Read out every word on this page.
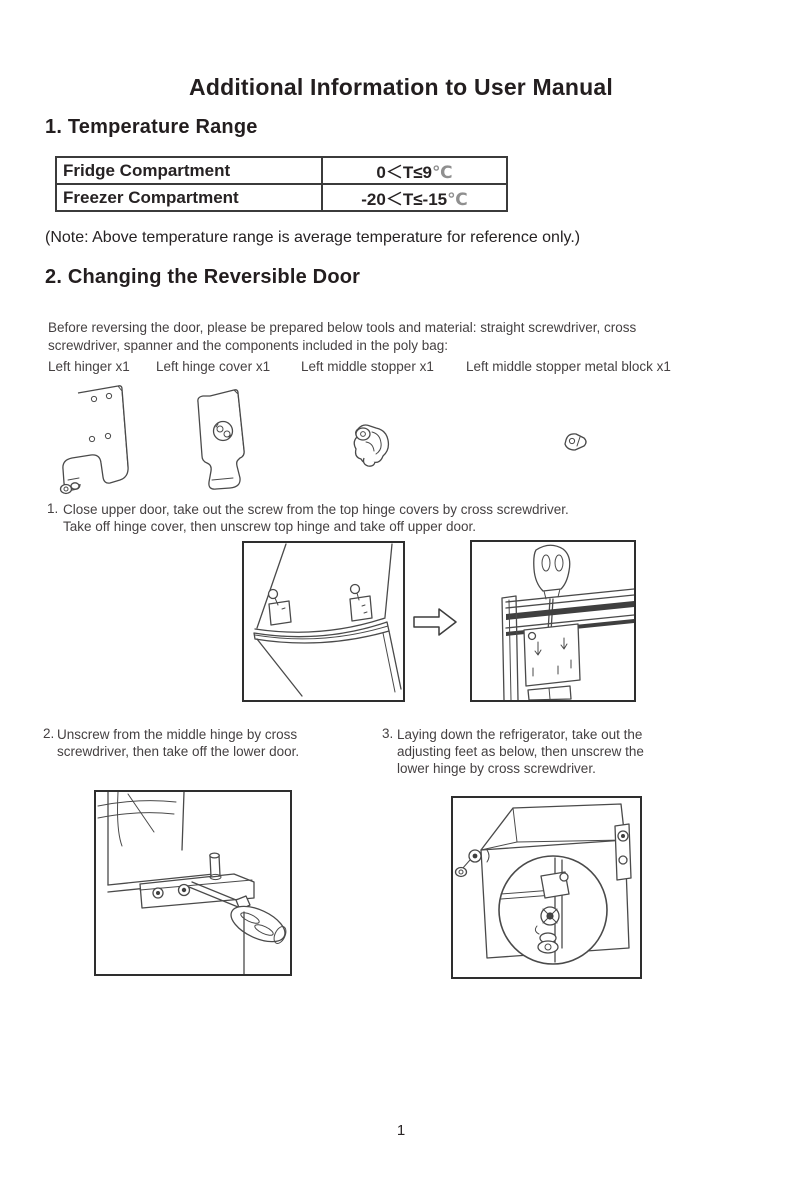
Additional Information to User Manual
1. Temperature Range
Fridge Compartment	0＜T≤9℃
Freezer Compartment	-20＜T≤-15℃
(Note: Above temperature range is average temperature for reference only.)
2. Changing the Reversible Door
Before reversing the door, please be prepared below tools and material: straight screwdriver, cross
screwdriver, spanner and the components included in the poly bag:
Left hinger x1 Left hinge cover x1 Left middle stopper x1 Left middle stopper metal block x1
1. Close upper door, take out the screw from the top hinge covers by cross screwdriver.
Take off hinge cover, then unscrew top hinge and take off upper door.
2. Unscrew from the middle hinge by cross
screwdriver, then take off the lower door.
3. Laying down the refrigerator, take out the
adjusting feet as below, then unscrew the
lower hinge by cross screwdriver.
1
